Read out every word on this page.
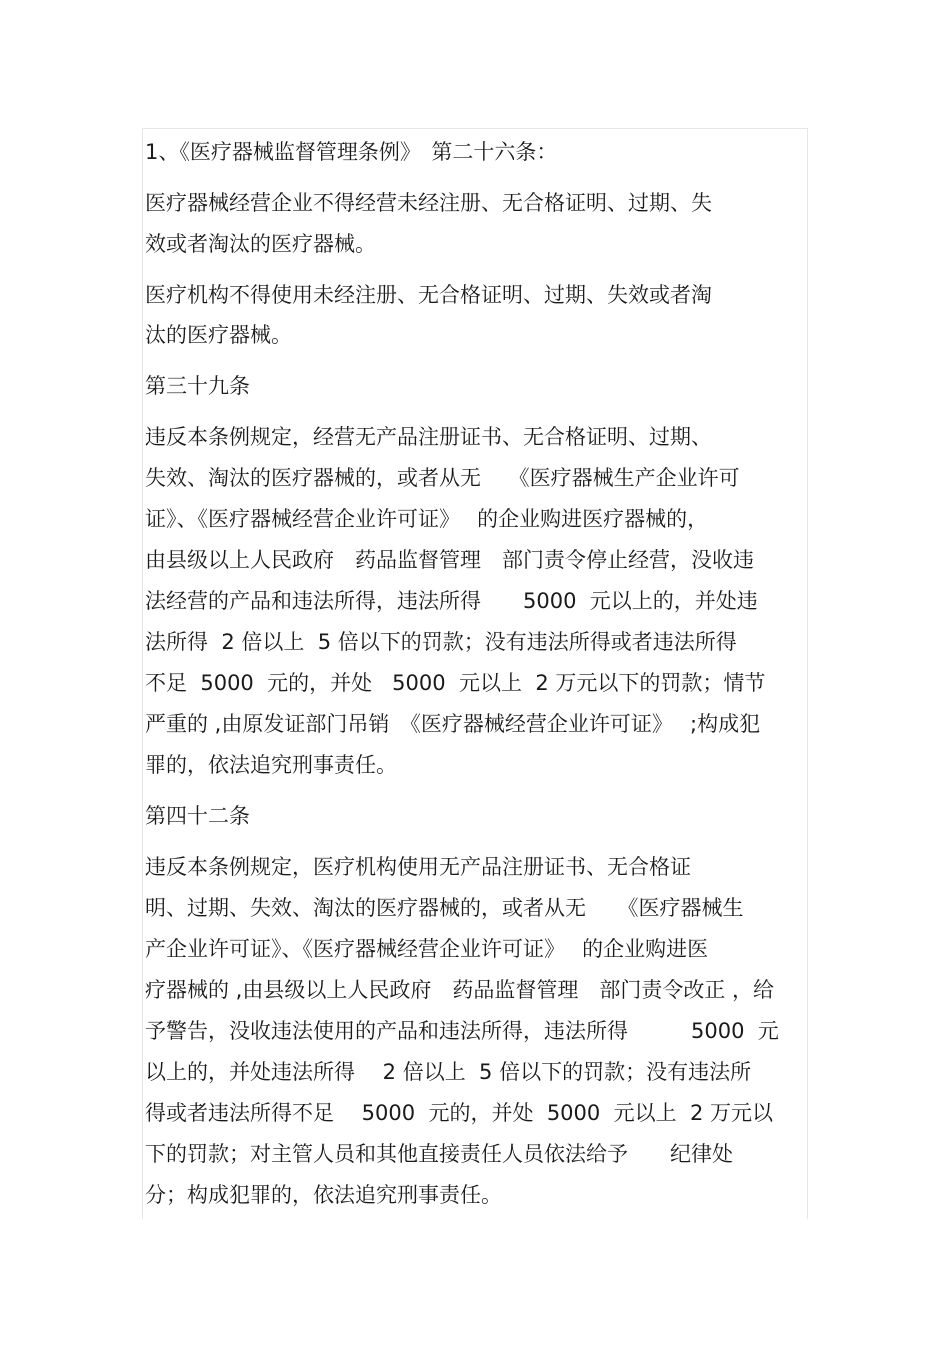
1、《医疗器械监督管理条例》　第二十六条：
医疗器械经营企业不得经营未经注册、无合格证明、过期、失
效或者淘汰的医疗器械。
医疗机构不得使用未经注册、无合格证明、过期、失效或者淘
汰的医疗器械。
第三十九条
违反本条例规定，经营无产品注册证书、无合格证明、过期、
失效、淘汰的医疗器械的，或者从无　 《医疗器械生产企业许可
证》、《医疗器械经营企业许可证》　 的企业购进医疗器械的，
由县级以上人民政府　药品监督管理　部门责令停止经营，没收违
法经营的产品和违法所得，违法所得　　5000  元以上的，并处违
法所得  2 倍以上  5 倍以下的罚款；没有违法所得或者违法所得
不足  5000  元的，并处   5000  元以上  2 万元以下的罚款；情节
严重的 ,由原发证部门吊销　《医疗器械经营企业许可证》　 ;构成犯
罪的，依法追究刑事责任。
第四十二条
违反本条例规定，医疗机构使用无产品注册证书、无合格证
明、过期、失效、淘汰的医疗器械的，或者从无　　《医疗器械生
产企业许可证》、《医疗器械经营企业许可证》　 的企业购进医
疗器械的 ,由县级以上人民政府　药品监督管理　部门责令改正 ，给
予警告，没收违法使用的产品和违法所得，违法所得　　　5000  元
以上的，并处违法所得　 2 倍以上  5 倍以下的罚款；没有违法所
得或者违法所得不足　 5000  元的，并处  5000  元以上  2 万元以
下的罚款；对主管人员和其他直接责任人员依法给予　　纪律处
分；构成犯罪的，依法追究刑事责任。
